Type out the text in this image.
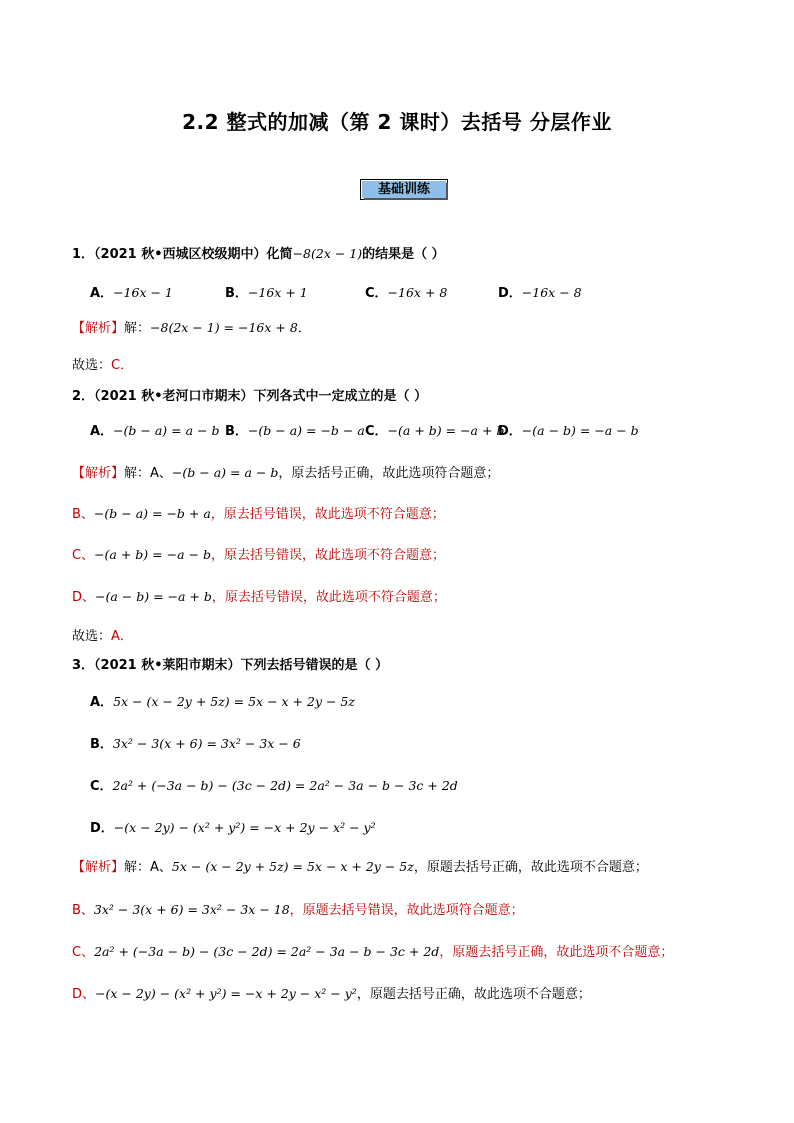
2.2 整式的加减（第 2 课时）去括号 分层作业
基础训练
1．（2021 秋•西城区校级期中）化简−8(2x − 1)的结果是（ ）
A．−16x − 1	B．−16x + 1	C．−16x + 8	D．−16x − 8
【解析】解：−8(2x − 1) = −16x + 8．
故选：C．
2．（2021 秋•老河口市期末）下列各式中一定成立的是（ ）
A．−(b − a) = a − b B．−(b − a) = −b − a C．−(a + b) = −a + b
D．−(a − b) = −a − b
【解析】解：A、−(b − a) = a − b，原去括号正确，故此选项符合题意；
B、−(b − a) = −b + a，原去括号错误，故此选项不符合题意；
C、−(a + b) = −a − b，原去括号错误，故此选项不符合题意；
D、−(a − b) = −a + b，原去括号错误，故此选项不符合题意；
故选：A．
3．（2021 秋•莱阳市期末）下列去括号错误的是（ ）
A．5x − (x − 2y + 5z) = 5x − x + 2y − 5z
B．3x² − 3(x + 6) = 3x² − 3x − 6
C．2a² + (−3a − b) − (3c − 2d) = 2a² − 3a − b − 3c + 2d
D．−(x − 2y) − (x² + y²) = −x + 2y − x² − y²
【解析】解：A、5x − (x − 2y + 5z) = 5x − x + 2y − 5z，原题去括号正确，故此选项不合题意；
B、3x² − 3(x + 6) = 3x² − 3x − 18，原题去括号错误，故此选项符合题意；
C、2a² + (−3a − b) − (3c − 2d) = 2a² − 3a − b − 3c + 2d，原题去括号正确，故此选项不合题意；
D、−(x − 2y) − (x² + y²) = −x + 2y − x² − y²，原题去括号正确，故此选项不合题意；
